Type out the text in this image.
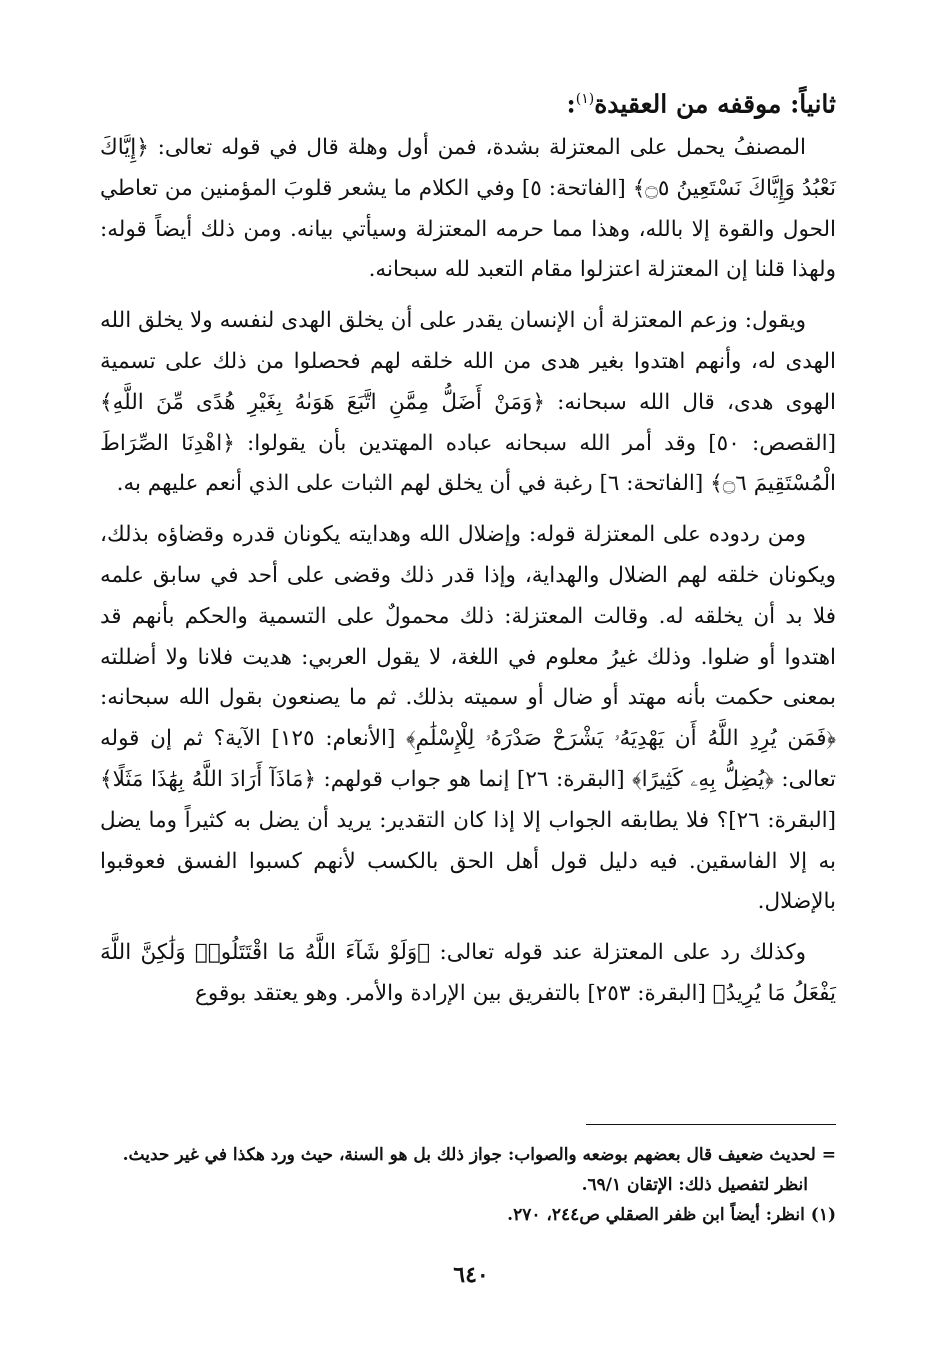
ثانياً: موقفه من العقيدة$^{(١)}$:

المصنفُ يحمل على المعتزلة بشدة، فمن أول وهلة قال في قوله تعالى: ﴿إِيَّاكَ نَعْبُدُ وَإِيَّاكَ نَسْتَعِينُ ۝٥﴾ [الفاتحة: ٥] وفي الكلام ما يشعر قلوبَ المؤمنين من تعاطي الحول والقوة إلا بالله، وهذا مما حرمه المعتزلة وسيأتي بيانه. ومن ذلك أيضاً قوله: ولهذا قلنا إن المعتزلة اعتزلوا مقام التعبد لله سبحانه.

ويقول: وزعم المعتزلة أن الإنسان يقدر على أن يخلق الهدى لنفسه ولا يخلق الله الهدى له، وأنهم اهتدوا بغير هدى من الله خلقه لهم فحصلوا من ذلك على تسمية الهوى هدى، قال الله سبحانه: ﴿وَمَنْ أَضَلُّ مِمَّنِ اتَّبَعَ هَوَىٰهُ بِغَيْرِ هُدًى مِّنَ اللَّهِ﴾ [القصص: ٥٠] وقد أمر الله سبحانه عباده المهتدين بأن يقولوا: ﴿اهْدِنَا الصِّرَاطَ الْمُسْتَقِيمَ ۝٦﴾ [الفاتحة: ٦] رغبة في أن يخلق لهم الثبات على الذي أنعم عليهم به.

ومن ردوده على المعتزلة قوله: وإضلال الله وهدايته يكونان قدره وقضاؤه بذلك، ويكونان خلقه لهم الضلال والهداية، وإذا قدر ذلك وقضى على أحد في سابق علمه فلا بد أن يخلقه له. وقالت المعتزلة: ذلك محمولٌ على التسمية والحكم بأنهم قد اهتدوا أو ضلوا. وذلك غيرُ معلوم في اللغة، لا يقول العربي: هديت فلانا ولا أضللته بمعنى حكمت بأنه مهتد أو ضال أو سميته بذلك. ثم ما يصنعون بقول الله سبحانه: ﴿فَمَن يُرِدِ اللَّهُ أَن يَهْدِيَهُۥ يَشْرَحْ صَدْرَهُۥ لِلْإِسْلَٰمِ﴾ [الأنعام: ١٢٥] الآية؟ ثم إن قوله تعالى: ﴿يُضِلُّ بِهِۦ كَثِيرًا﴾ [البقرة: ٢٦] إنما هو جواب قولهم: ﴿مَاذَآ أَرَادَ اللَّهُ بِهَٰذَا مَثَلًا﴾ [البقرة: ٢٦]؟ فلا يطابقه الجواب إلا إذا كان التقدير: يريد أن يضل به كثيراً وما يضل به إلا الفاسقين. فيه دليل قول أهل الحق بالكسب لأنهم كسبوا الفسق فعوقبوا بالإضلال.

وكذلك رد على المعتزلة عند قوله تعالى: ﴿وَلَوْ شَآءَ اللَّهُ مَا اقْتَتَلُوا۟ وَلَٰكِنَّ اللَّهَ يَفْعَلُ مَا يُرِيدُ﴾ [البقرة: ٢٥٣] بالتفريق بين الإرادة والأمر. وهو يعتقد بوقوع

= لحديث ضعيف قال بعضهم بوضعه والصواب: جواز ذلك بل هو السنة، حيث ورد هكذا في غير حديث. انظر لتفصيل ذلك: الإتقان ٦٩/١.
(١) انظر: أيضاً ابن ظفر الصقلي ص٢٤٤، ٢٧٠.
٦٤٠
